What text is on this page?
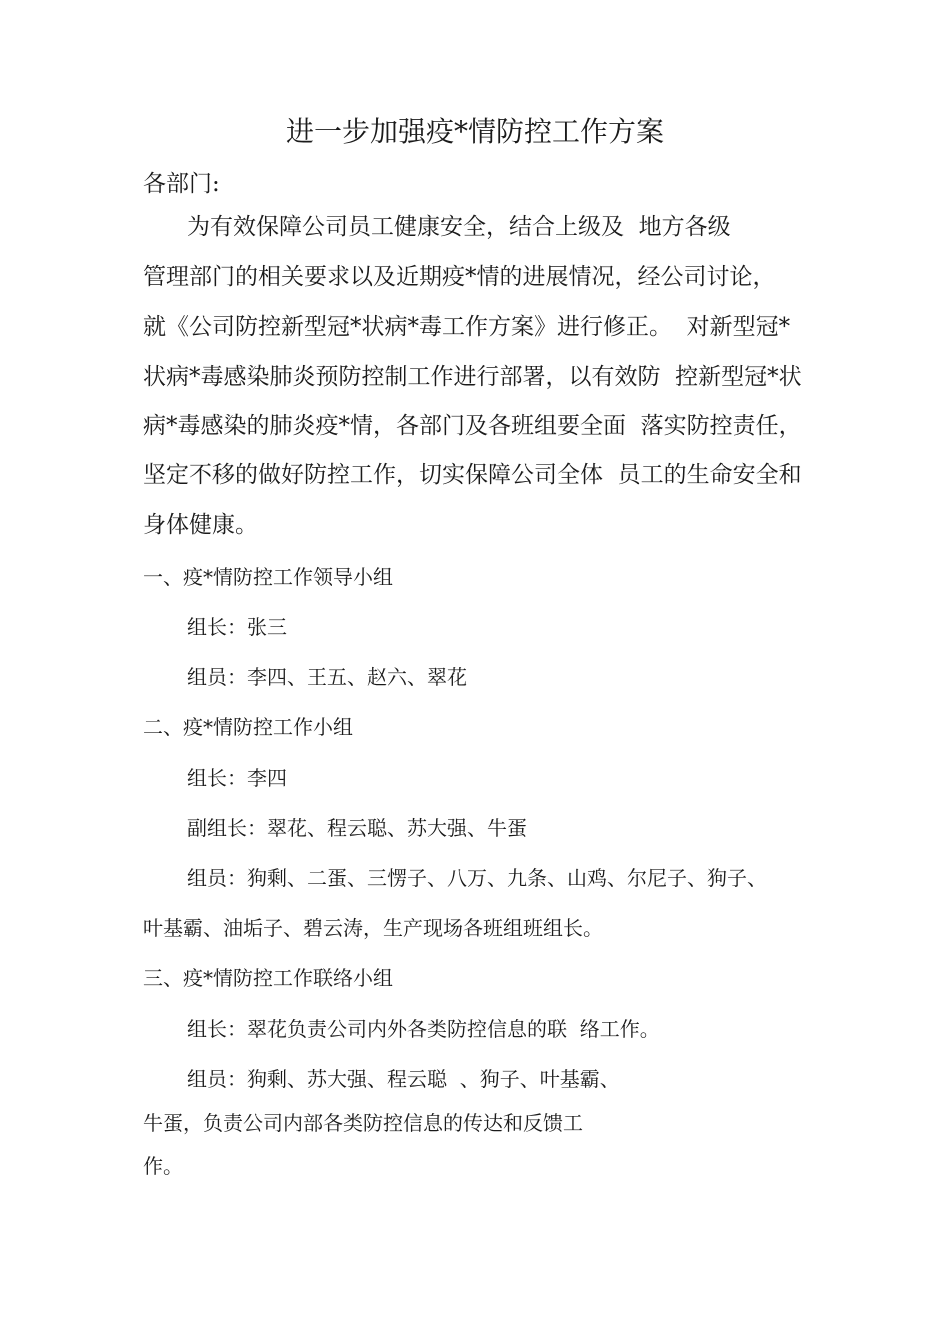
进一步加强疫*情防控工作方案

各部门:

为有效保障公司员工健康安全，结合上级及  地方各级

管理部门的相关要求以及近期疫*情的进展情况，经公司讨论，

就《公司防控新型冠*状病*毒工作方案》进行修正。  对新型冠*

状病*毒感染肺炎预防控制工作进行部署，以有效防  控新型冠*状

病*毒感染的肺炎疫*情，各部门及各班组要全面  落实防控责任，

坚定不移的做好防控工作，切实保障公司全体  员工的生命安全和

身体健康。

一、疫*情防控工作领导小组

组长：张三

组员：李四、王五、赵六、翠花

二、疫*情防控工作小组

组长：李四

副组长：翠花、程云聪、苏大强、牛蛋

组员：狗剩、二蛋、三愣子、八万、九条、山鸡、尔尼子、狗子、

叶基霸、油垢子、碧云涛，生产现场各班组班组长。

三、疫*情防控工作联络小组

组长：翠花负责公司内外各类防控信息的联  络工作。

组员：狗剩、苏大强、程云聪  、狗子、叶基霸、

牛蛋，负责公司内部各类防控信息的传达和反馈工

作。
